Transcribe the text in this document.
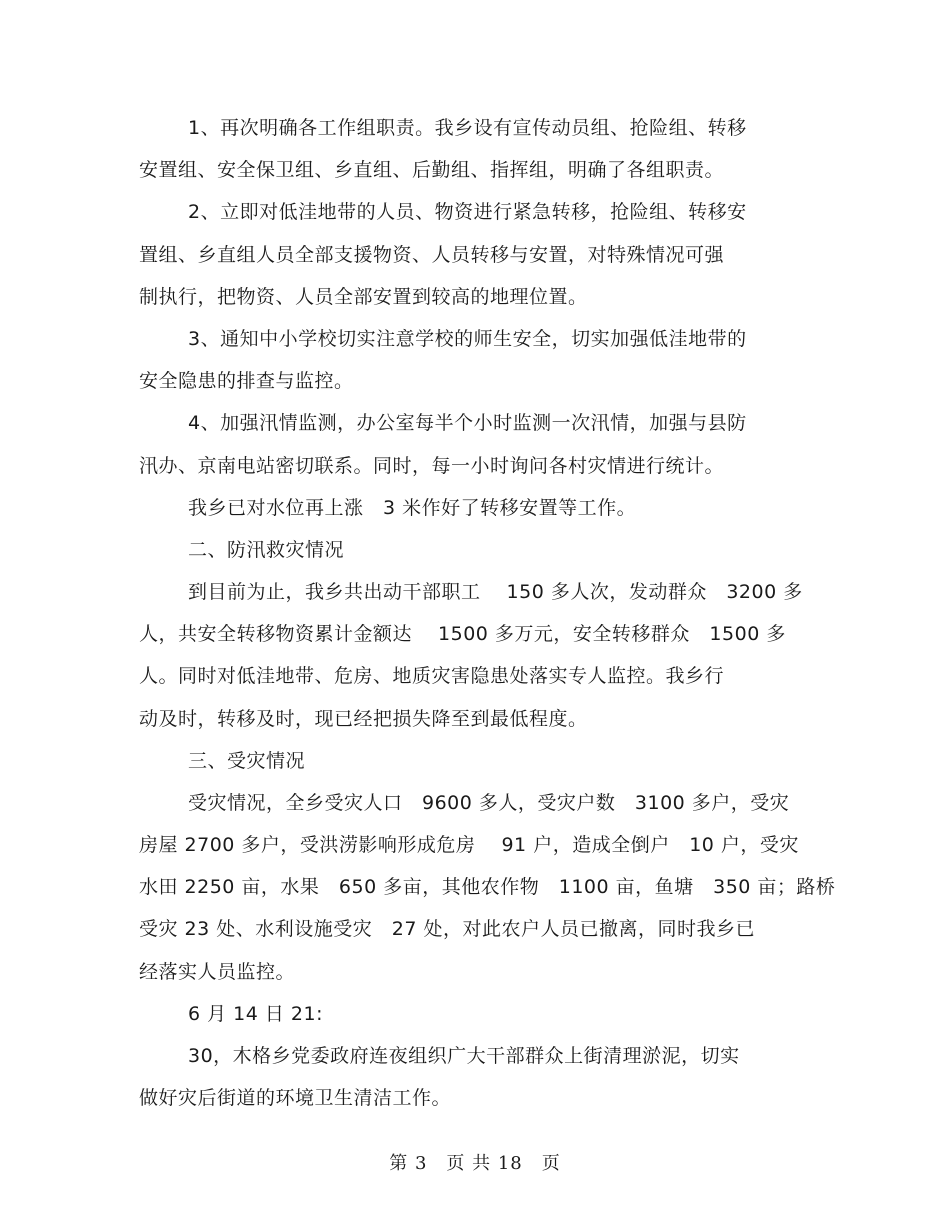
1、再次明确各工作组职责。我乡设有宣传动员组、抢险组、转移
安置组、安全保卫组、乡直组、后勤组、指挥组，明确了各组职责。
2、立即对低洼地带的人员、物资进行紧急转移，抢险组、转移安
置组、乡直组人员全部支援物资、人员转移与安置，对特殊情况可强
制执行，把物资、人员全部安置到较高的地理位置。
3、通知中小学校切实注意学校的师生安全，切实加强低洼地带的
安全隐患的排查与监控。
4、加强汛情监测，办公室每半个小时监测一次汛情，加强与县防
汛办、京南电站密切联系。同时，每一小时询问各村灾情进行统计。
我乡已对水位再上涨　3 米作好了转移安置等工作。
二、防汛救灾情况
到目前为止，我乡共出动干部职工　 150 多人次，发动群众　3200 多
人，共安全转移物资累计金额达　 1500 多万元，安全转移群众　1500 多
人。同时对低洼地带、危房、地质灾害隐患处落实专人监控。我乡行
动及时，转移及时，现已经把损失降至到最低程度。
三、受灾情况
受灾情况，全乡受灾人口　9600 多人，受灾户数　3100 多户，受灾
房屋 2700 多户，受洪涝影响形成危房　 91 户，造成全倒户　10 户，受灾
水田 2250 亩，水果　650 多亩，其他农作物　1100 亩，鱼塘　350 亩；路桥
受灾 23 处、水利设施受灾　27 处，对此农户人员已撤离，同时我乡已
经落实人员监控。
6 月 14 日 21:
30，木格乡党委政府连夜组织广大干部群众上街清理淤泥，切实
做好灾后街道的环境卫生清洁工作。
第 3　页 共 18　页
